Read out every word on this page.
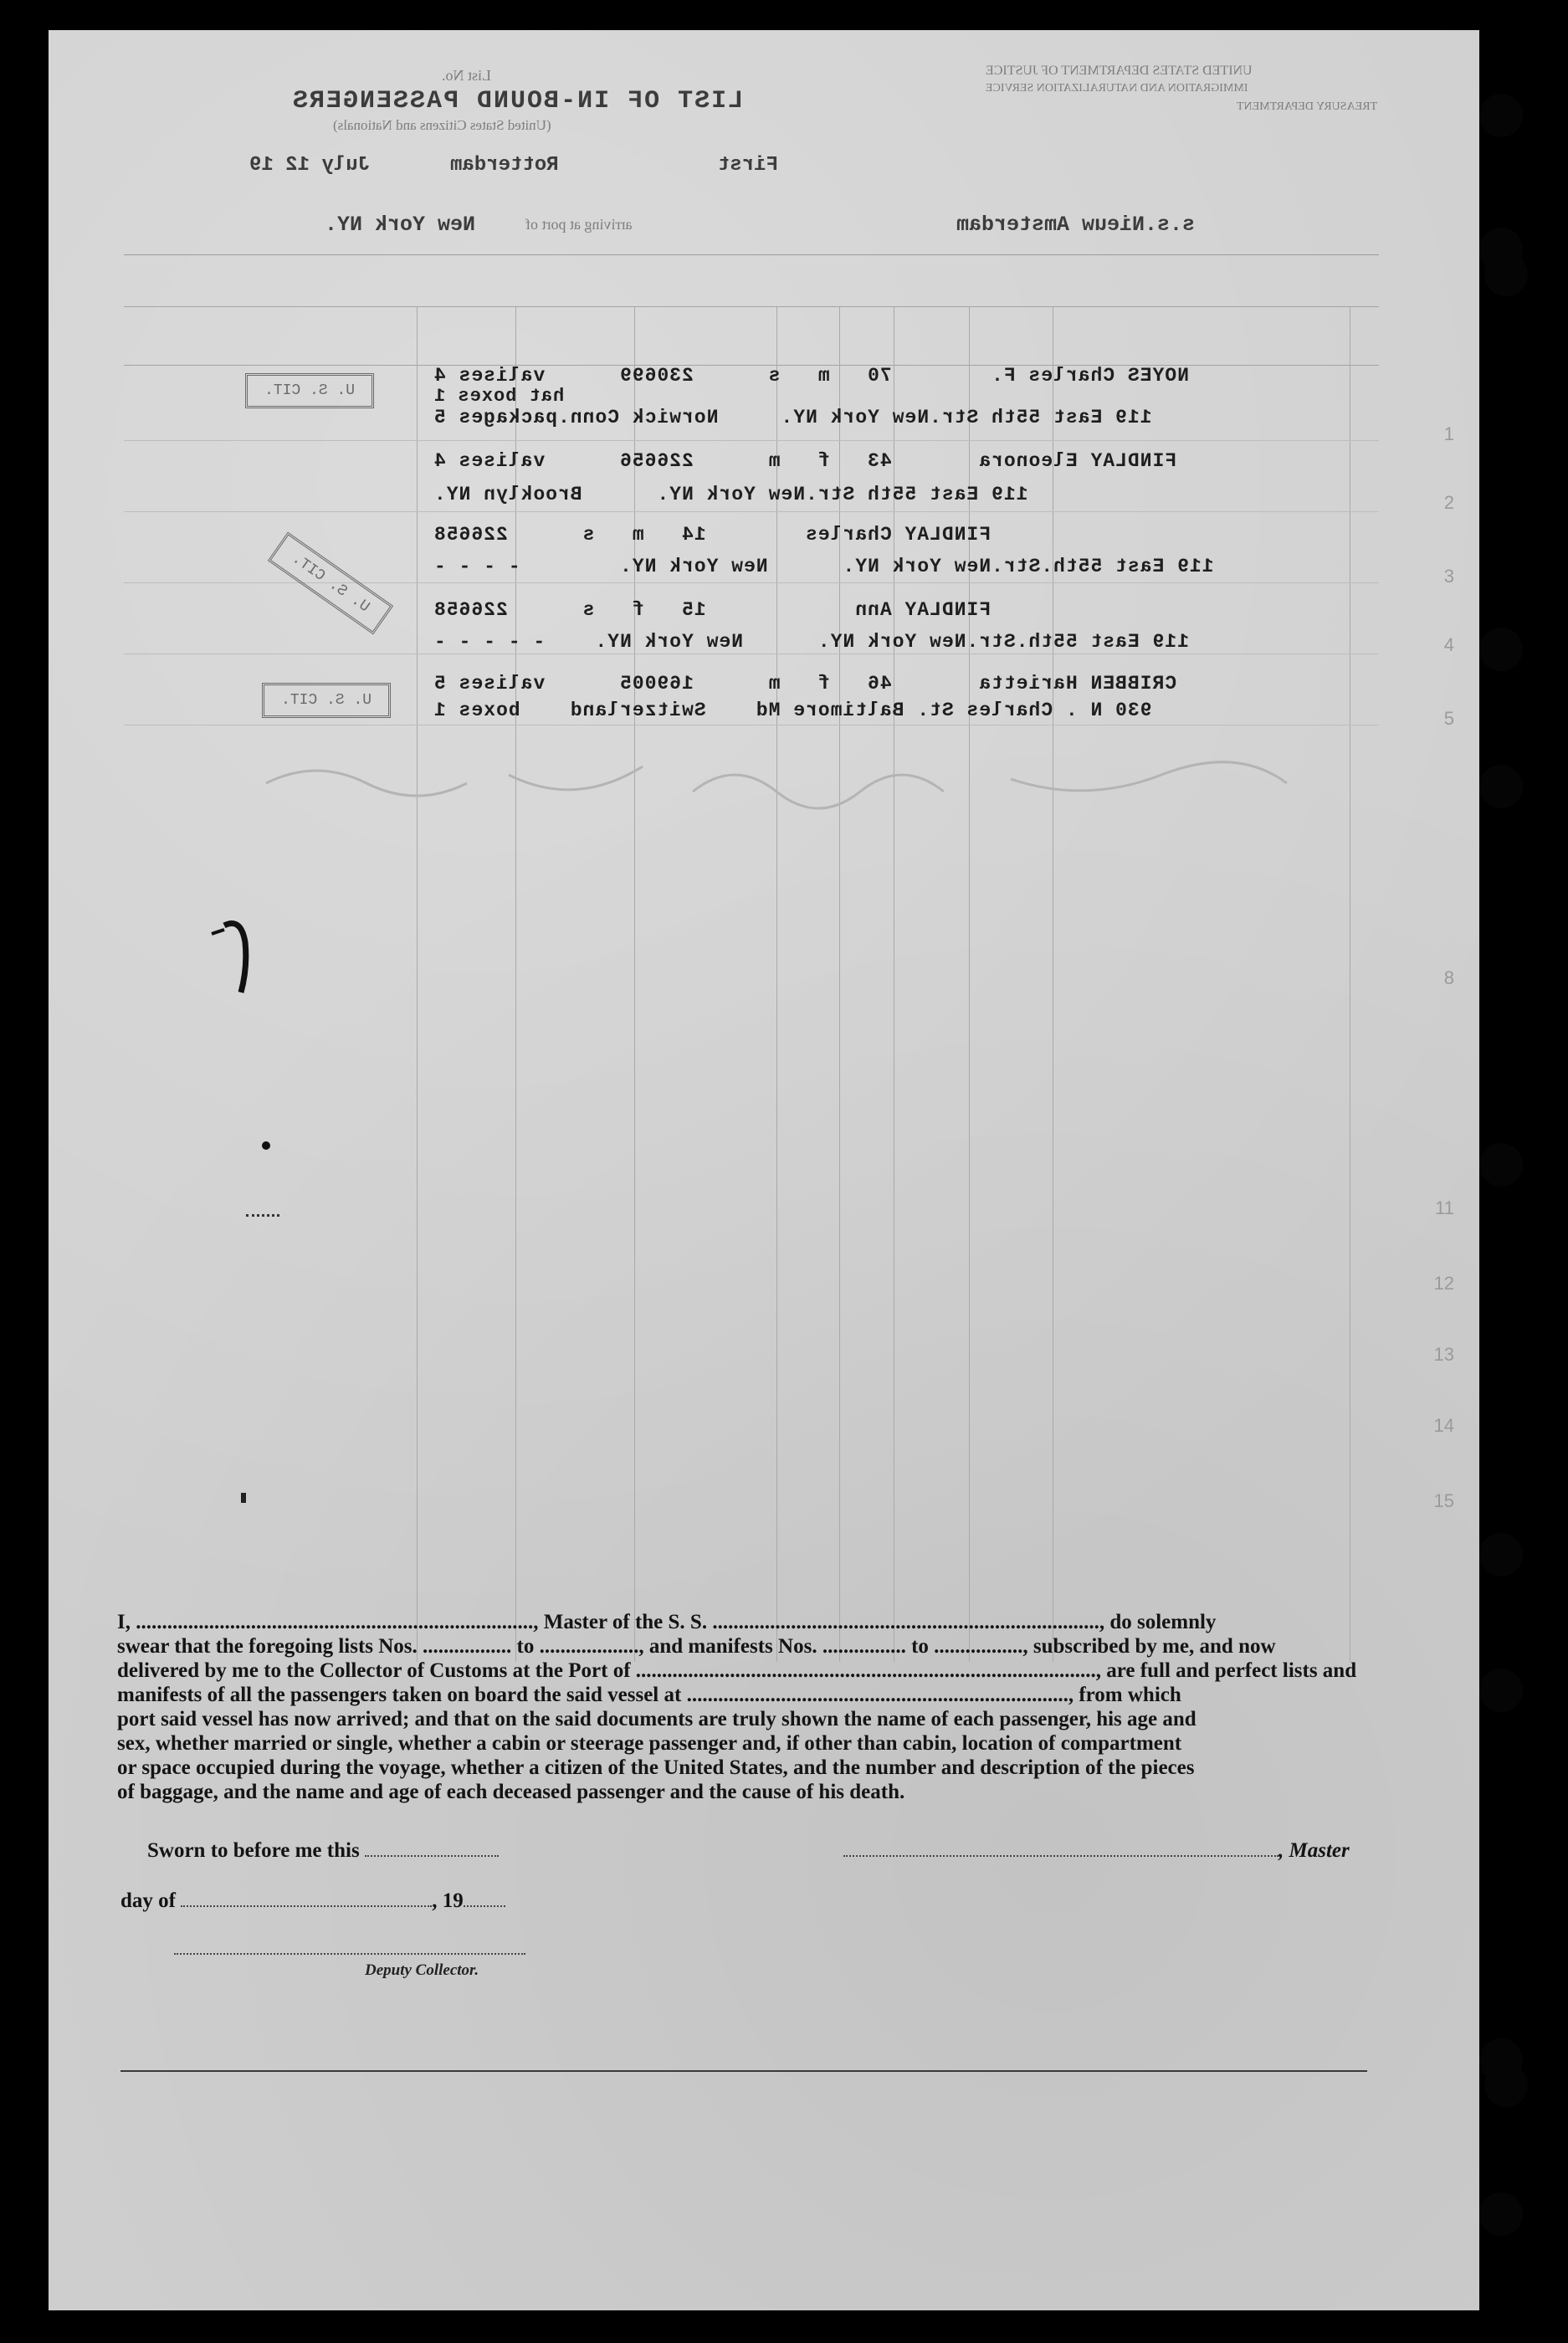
List No.
LIST OF IN-BOUND PASSENGERS
(United States Citizens and Nationals)
UNITED STATES DEPARTMENT OF JUSTICE
IMMIGRATION AND NATURALIZATION SERVICE
TREASURY DEPARTMENT
First
Rotterdam
July 12 19
New York NY.	arriving at port of	s.s.Nieuw Amsterdam
1
2
3
4
5
8
11
12
13
14
15
NOYES Charles F.        70   m   s      230699      valises 4
hat boxes 1
119 East 55th Str.New York NY.     Norwick Conn.packages 5
FINDLAY Eleonora       43   f   m      226656      valises 4
119 East 55th Str.New York NY.      Brooklyn NY.
FINDLAY Charles        14   m   s      226658
119 East 55th.Str.New York NY.      New York NY.        - - - -
FINDLAY Ann            15   f   s      226658
119 East 55th.Str.New York NY.      New York NY.    - - - - -
CRIBBEN Harietta       46   f   m      169005      valises 5
930 N . Charles St. Baltimore Md    Switzerland    boxes 1
U. S. CIT.
U. S. CIT.
U. S. CIT.

I, ............................................................................, Master of the S. S. .........................................................................., do solemnly

swear that the foregoing lists Nos. ................. to ..................., and manifests Nos. ................ to ................., subscribed by me, and now

delivered by me to the Collector of Customs at the Port of ........................................................................................, are full and perfect lists and

manifests of all the passengers taken on board the said vessel at ........................................................................., from which

port said vessel has now arrived; and that on the said documents are truly shown the name of each passenger, his age and

sex, whether married or single, whether a cabin or steerage passenger and, if other than cabin, location of compartment

or space occupied during the voyage, whether a citizen of the United States, and the number and description of the pieces

of baggage, and the name and age of each deceased passenger and the cause of his death.

Sworn to before me this	, Master
day of	, 19
Deputy Collector.
